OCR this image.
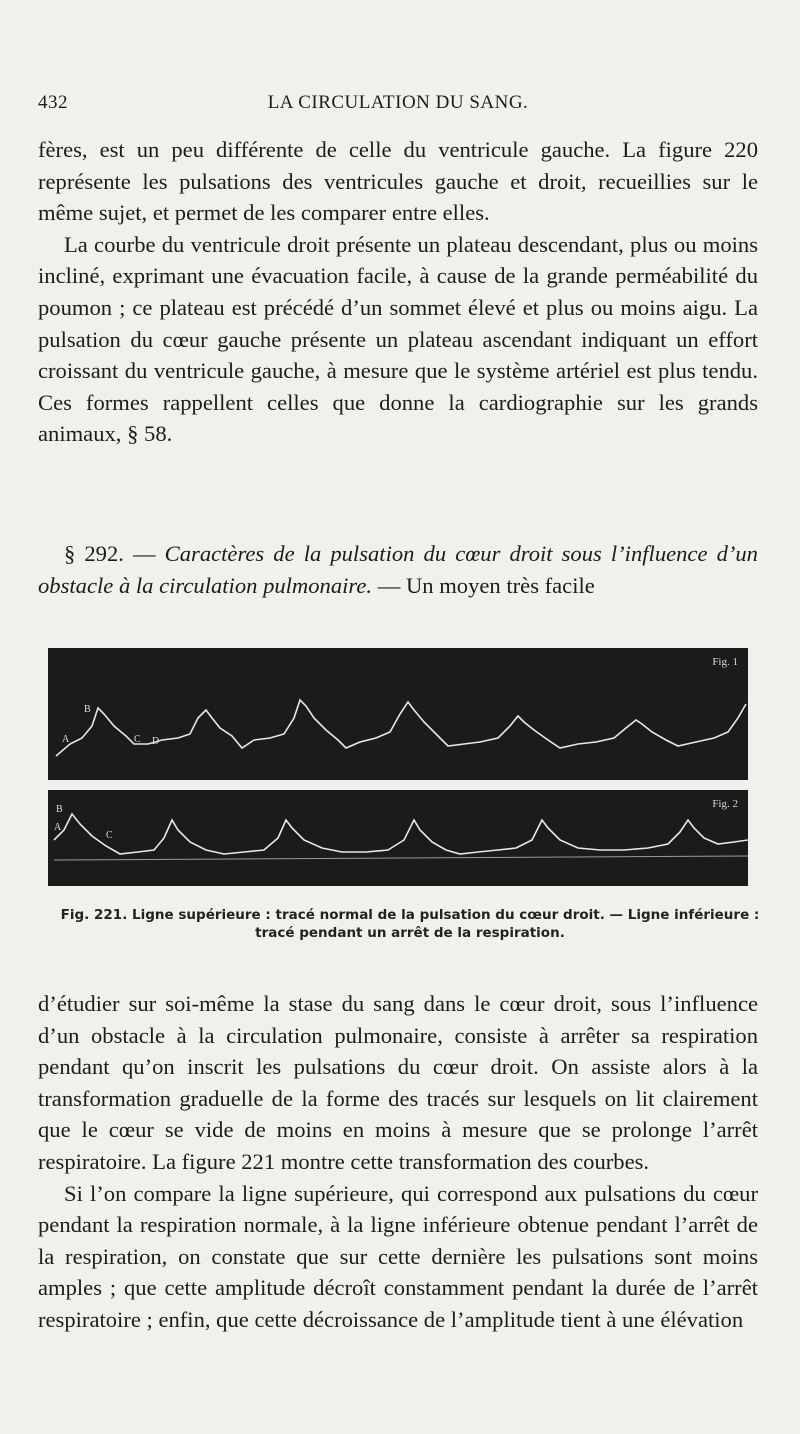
432	LA CIRCULATION DU SANG.

fères, est un peu différente de celle du ventricule gauche. La figure 220 représente les pulsations des ventricules gauche et droit, recueillies sur le même sujet, et permet de les comparer entre elles.

La courbe du ventricule droit présente un plateau descendant, plus ou moins incliné, exprimant une évacuation facile, à cause de la grande perméabilité du poumon ; ce plateau est précédé d’un sommet élevé et plus ou moins aigu. La pulsation du cœur gauche présente un plateau ascendant indiquant un effort croissant du ventricule gauche, à mesure que le système artériel est plus tendu. Ces formes rappellent celles que donne la cardiographie sur les grands animaux, § 58.

§ 292. — Caractères de la pulsation du cœur droit sous l’influence d’un obstacle à la circulation pulmonaire. — Un moyen très facile

Fig. 1
A
B
C D
Fig. 2
B
A
C
Fig. 221. Ligne supérieure : tracé normal de la pulsation du cœur droit. — Ligne inférieure :
tracé pendant un arrêt de la respiration.

d’étudier sur soi-même la stase du sang dans le cœur droit, sous l’influence d’un obstacle à la circulation pulmonaire, consiste à arrêter sa respiration pendant qu’on inscrit les pulsations du cœur droit. On assiste alors à la transformation graduelle de la forme des tracés sur lesquels on lit clairement que le cœur se vide de moins en moins à mesure que se prolonge l’arrêt respiratoire. La figure 221 montre cette transformation des courbes.

Si l’on compare la ligne supérieure, qui correspond aux pulsations du cœur pendant la respiration normale, à la ligne inférieure obtenue pendant l’arrêt de la respiration, on constate que sur cette dernière les pulsations sont moins amples ; que cette amplitude décroît constamment pendant la durée de l’arrêt respiratoire ; enfin, que cette décroissance de l’amplitude tient à une élévation
